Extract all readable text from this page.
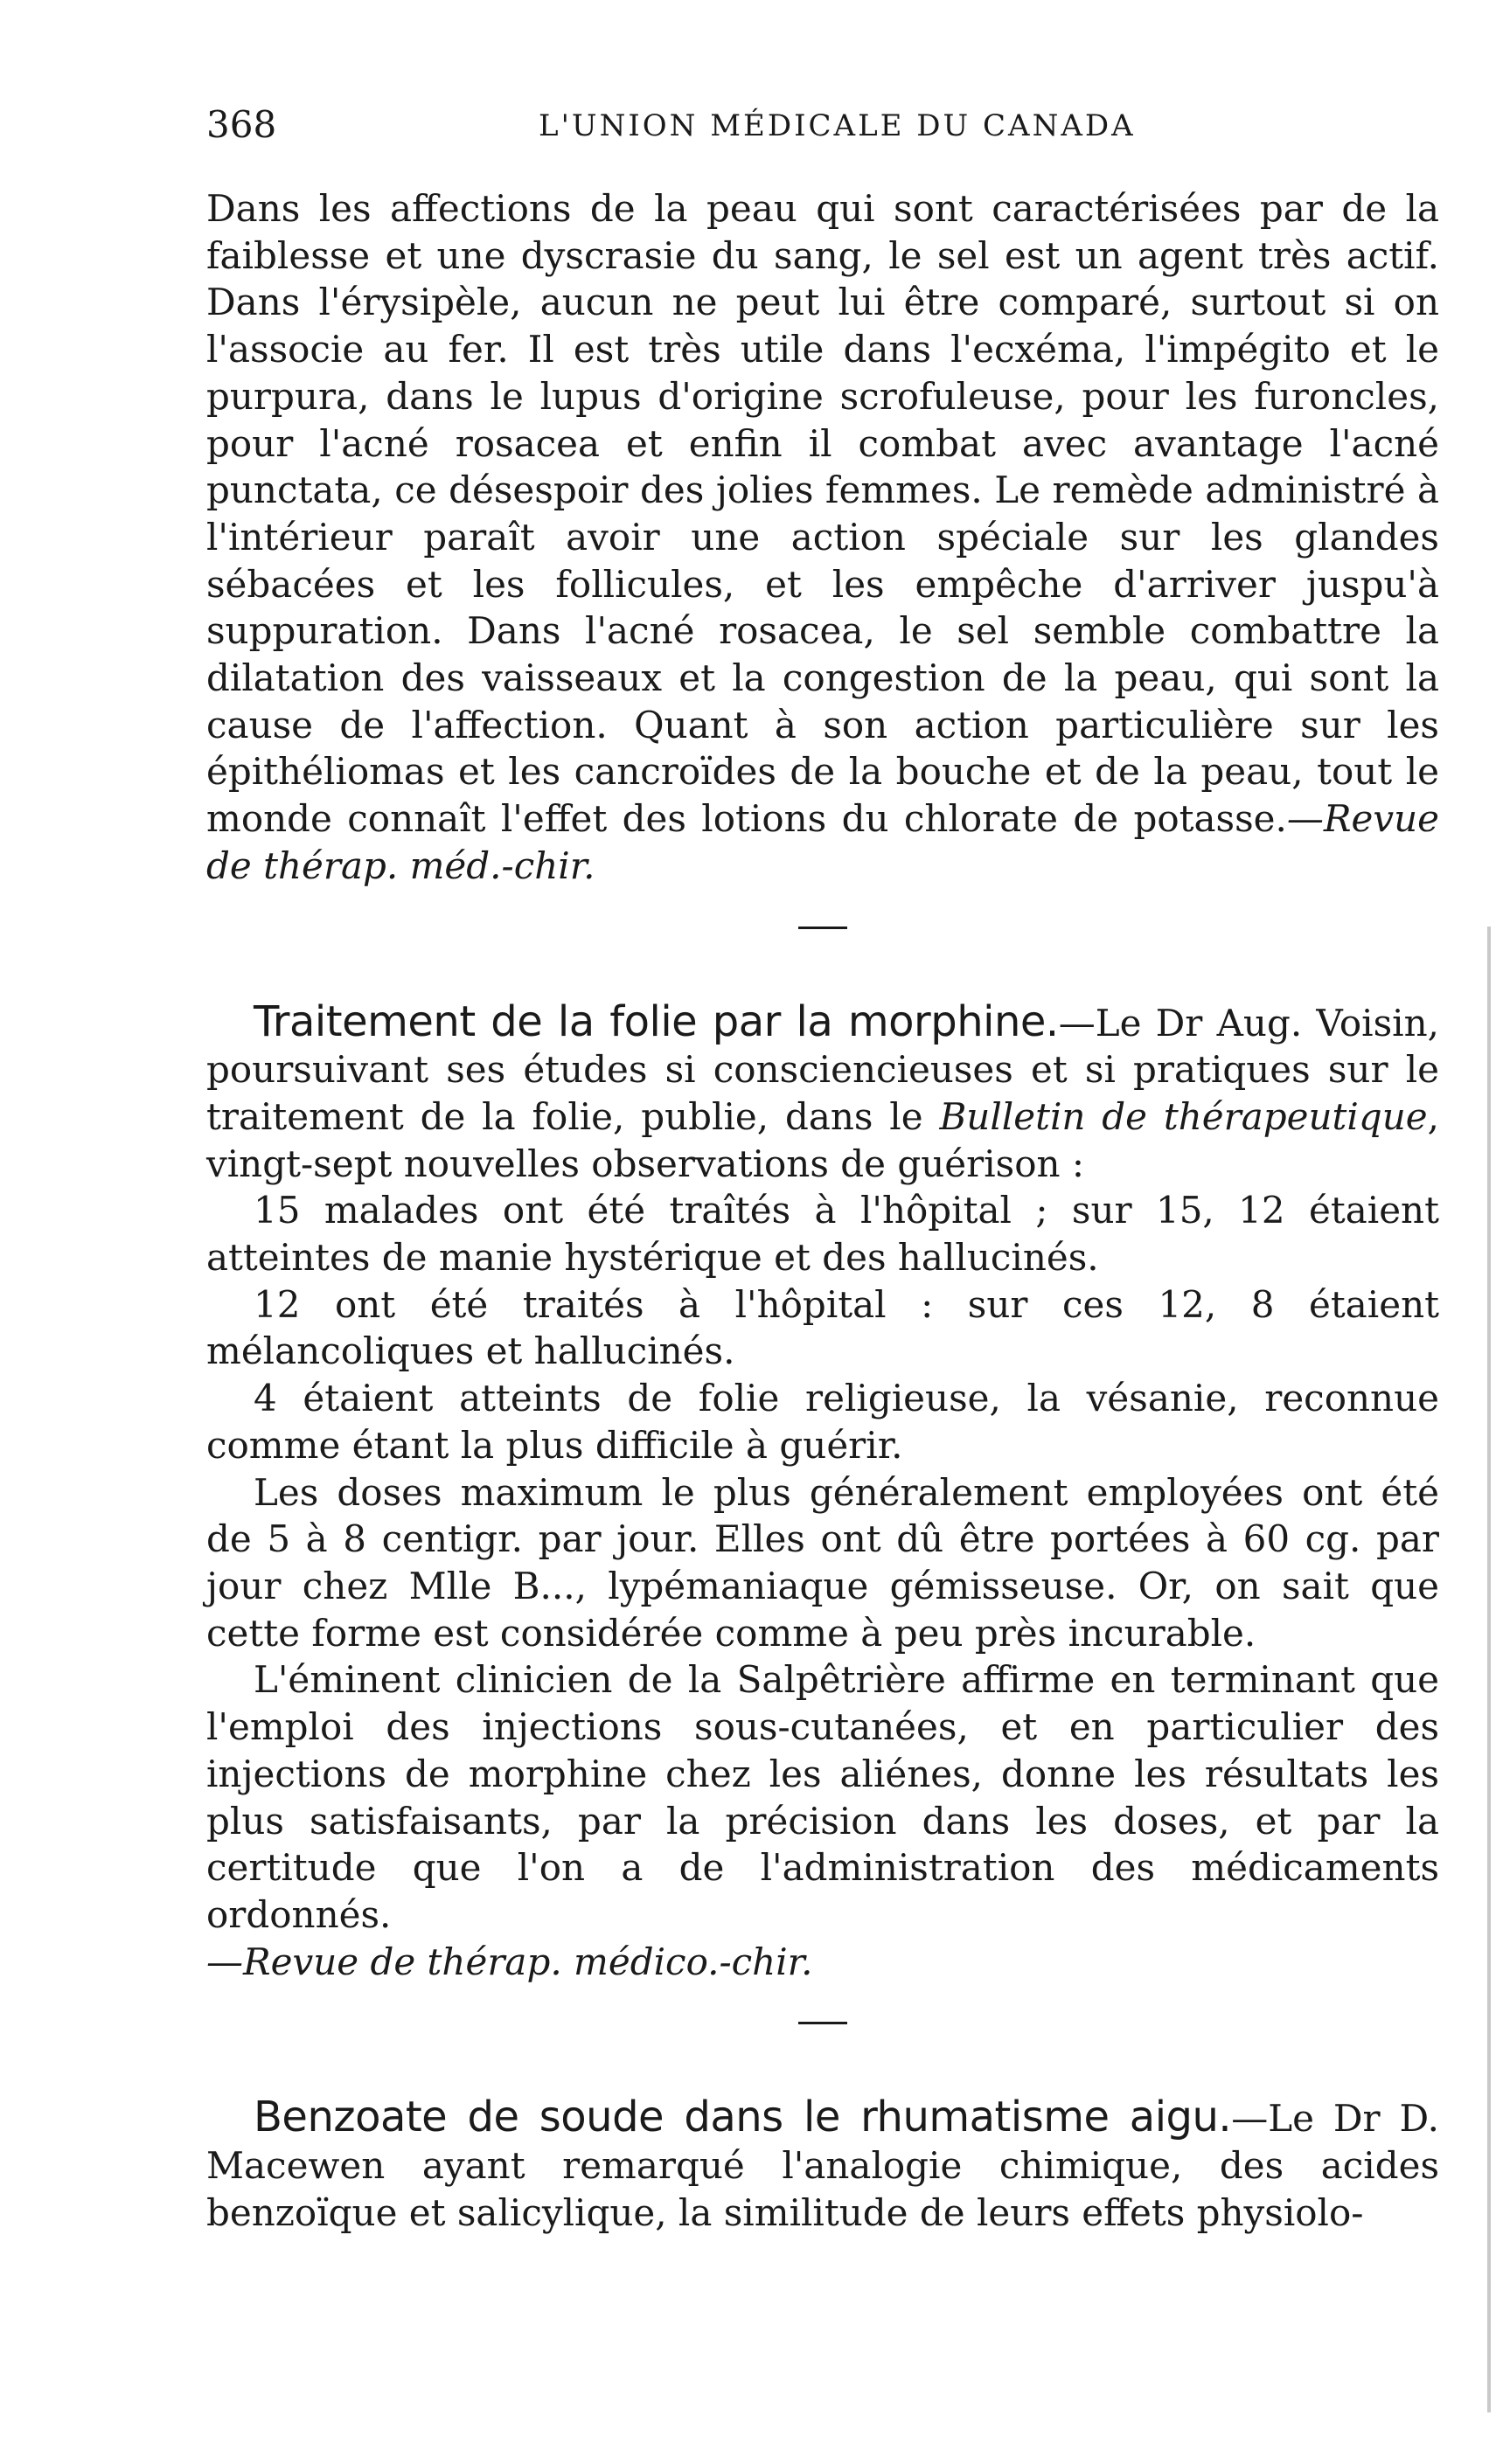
368	L'UNION MÉDICALE DU CANADA

Dans les affections de la peau qui sont caractérisées par de la faiblesse et une dyscrasie du sang, le sel est un agent très actif. Dans l'érysipèle, aucun ne peut lui être comparé, surtout si on l'associe au fer. Il est très utile dans l'ecxéma, l'impégito et le purpura, dans le lupus d'origine scrofuleuse, pour les furoncles, pour l'acné rosacea et enfin il combat avec avantage l'acné punctata, ce désespoir des jolies femmes. Le remède administré à l'intérieur paraît avoir une action spéciale sur les glandes sébacées et les follicules, et les empêche d'arriver juspu'à suppuration. Dans l'acné rosacea, le sel semble combattre la dilatation des vaisseaux et la congestion de la peau, qui sont la cause de l'affection. Quant à son action particulière sur les épithéliomas et les cancroïdes de la bouche et de la peau, tout le monde connaît l'effet des lotions du chlorate de potasse.—Revue de thérap. méd.-chir.

Traitement de la folie par la morphine.—Le Dr Aug. Voisin, poursuivant ses études si consciencieuses et si pratiques sur le traitement de la folie, publie, dans le Bulletin de thérapeutique, vingt-sept nouvelles observations de guérison :

15 malades ont été traîtés à l'hôpital ; sur 15, 12 étaient atteintes de manie hystérique et des hallucinés.

12 ont été traités à l'hôpital : sur ces 12, 8 étaient mélancoliques et hallucinés.

4 étaient atteints de folie religieuse, la vésanie, reconnue comme étant la plus difficile à guérir.

Les doses maximum le plus généralement employées ont été de 5 à 8 centigr. par jour. Elles ont dû être portées à 60 cg. par jour chez Mlle B..., lypémaniaque gémisseuse. Or, on sait que cette forme est considérée comme à peu près incurable.

L'éminent clinicien de la Salpêtrière affirme en terminant que l'emploi des injections sous-cutanées, et en particulier des injections de morphine chez les aliénes, donne les résultats les plus satisfaisants, par la précision dans les doses, et par la certitude que l'on a de l'administration des médicaments ordonnés.

—Revue de thérap. médico.-chir.

Benzoate de soude dans le rhumatisme aigu.—Le Dr D. Macewen ayant remarqué l'analogie chimique, des acides benzoïque et salicylique, la similitude de leurs effets physiolo-
